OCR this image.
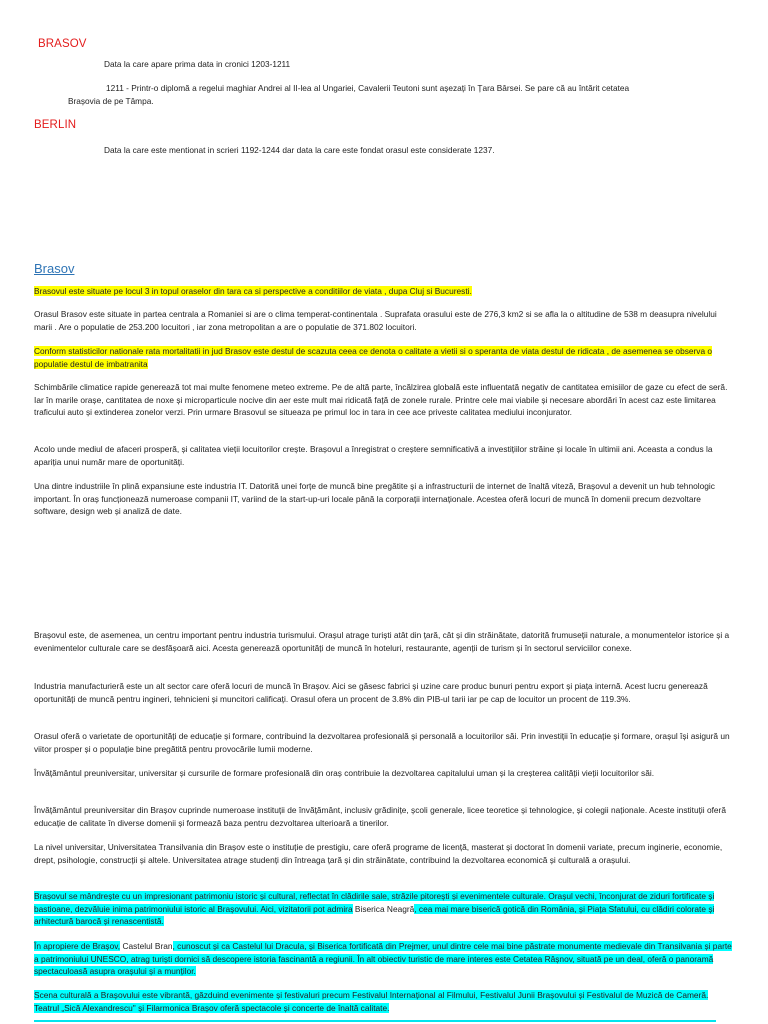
BRASOV
Data la care apare prima data in cronici 1203-1211
1211 - Printr-o diplomă a regelui maghiar Andrei al II-lea al Ungariei, Cavalerii Teutoni sunt așezați în Țara Bârsei. Se pare că au întărit cetatea
Brașovia de pe Tâmpa.
BERLIN
Data la care este mentionat in scrieri 1192-1244 dar data la care este fondat orasul este considerate 1237.
Brasov

Brasovul este situate pe locul 3 in topul oraselor din tara ca si perspective a conditiilor de viata , dupa Cluj si Bucuresti.

Orasul Brasov este situate in partea centrala a Romaniei si are o clima temperat-continentala . Suprafata orasului este de 276,3 km2 si se afla la o altitudine de 538 m deasupra nivelului marii . Are o populatie de 253.200 locuitori , iar zona metropolitan a are o populatie de 371.802 locuitori.

Conform statisticilor nationale rata mortalitatii in jud Brasov este destul de scazuta ceea ce denota o calitate a vietii si o speranta de viata destul de ridicata , de asemenea se observa o populatie destul de imbatranita

Schimbările climatice rapide generează tot mai multe fenomene meteo extreme. Pe de altă parte, încălzirea globală este influentată negativ de cantitatea emisiilor de gaze cu efect de seră. Iar în marile orașe, cantitatea de noxe și microparticule nocive din aer este mult mai ridicată față de zonele rurale. Printre cele mai viabile și necesare abordări în acest caz este limitarea traficului auto și extinderea zonelor verzi. Prin urmare Brasovul se situeaza pe primul loc in tara in cee ace priveste calitatea mediului inconjurator.

Acolo unde mediul de afaceri prosperă, și calitatea vieții locuitorilor crește. Brașovul a înregistrat o creștere semnificativă a investițiilor străine și locale în ultimii ani. Aceasta a condus la apariția unui număr mare de oportunități.

Una dintre industriile în plină expansiune este industria IT. Datorită unei forțe de muncă bine pregătite și a infrastructurii de internet de înaltă viteză, Brașovul a devenit un hub tehnologic important. În oraș funcționează numeroase companii IT, variind de la start-up-uri locale până la corporații internaționale. Acestea oferă locuri de muncă în domenii precum dezvoltare software, design web și analiză de date.

Brașovul este, de asemenea, un centru important pentru industria turismului. Orașul atrage turiști atât din țară, cât și din străinătate, datorită frumuseții naturale, a monumentelor istorice și a evenimentelor culturale care se desfășoară aici. Acesta generează oportunități de muncă în hoteluri, restaurante, agenții de turism și în sectorul serviciilor conexe.

Industria manufacturieră este un alt sector care oferă locuri de muncă în Brașov. Aici se găsesc fabrici și uzine care produc bunuri pentru export și piața internă. Acest lucru generează oportunități de muncă pentru ingineri, tehnicieni și muncitori calificați. Orasul ofera un procent de 3.8% din PIB-ul tarii iar pe cap de locuitor un procent de 119.3%.

Orasul oferă o varietate de oportunități de educație și formare, contribuind la dezvoltarea profesională și personală a locuitorilor săi. Prin investiții în educație și formare, orașul își asigură un viitor prosper și o populație bine pregătită pentru provocările lumii moderne.

Învățământul preuniversitar, universitar și cursurile de formare profesională din oraș contribuie la dezvoltarea capitalului uman și la creșterea calității vieții locuitorilor săi.

Învățământul preuniversitar din Brașov cuprinde numeroase instituții de învățământ, inclusiv grădinițe, școli generale, licee teoretice și tehnologice, și colegii naționale. Aceste instituții oferă educație de calitate în diverse domenii și formează baza pentru dezvoltarea ulterioară a tinerilor.

La nivel universitar, Universitatea Transilvania din Brașov este o instituție de prestigiu, care oferă programe de licență, masterat și doctorat în domenii variate, precum inginerie, economie, drept, psihologie, construcții și altele. Universitatea atrage studenți din întreaga țară și din străinătate, contribuind la dezvoltarea economică și culturală a orașului.

Brașovul se mândrește cu un impresionant patrimoniu istoric și cultural, reflectat în clădirile sale, străzile pitorești și evenimentele culturale. Orașul vechi, înconjurat de ziduri fortificate și bastioane, dezvăluie inima patrimoniului istoric al Brașovului. Aici, vizitatorii pot admira Biserica Neagră, cea mai mare biserică gotică din România, și Piața Sfatului, cu clădiri colorate și arhitectură barocă și renascentistă.

În apropiere de Brașov, Castelul Bran, cunoscut și ca Castelul lui Dracula, și Biserica fortificată din Prejmer, unul dintre cele mai bine păstrate monumente medievale din Transilvania și parte a patrimoniului UNESCO, atrag turiști dornici să descopere istoria fascinantă a regiunii. În alt obiectiv turistic de mare interes este Cetatea Râșnov, situată pe un deal, oferă o panoramă spectaculoasă asupra orașului și a munților.

Scena culturală a Brașovului este vibrantă, găzduind evenimente și festivaluri precum Festivalul Internațional al Filmului, Festivalul Junii Brașovului și Festivalul de Muzică de Cameră. Teatrul „Sică Alexandrescu" și Filarmonica Brașov oferă spectacole și concerte de înaltă calitate.
